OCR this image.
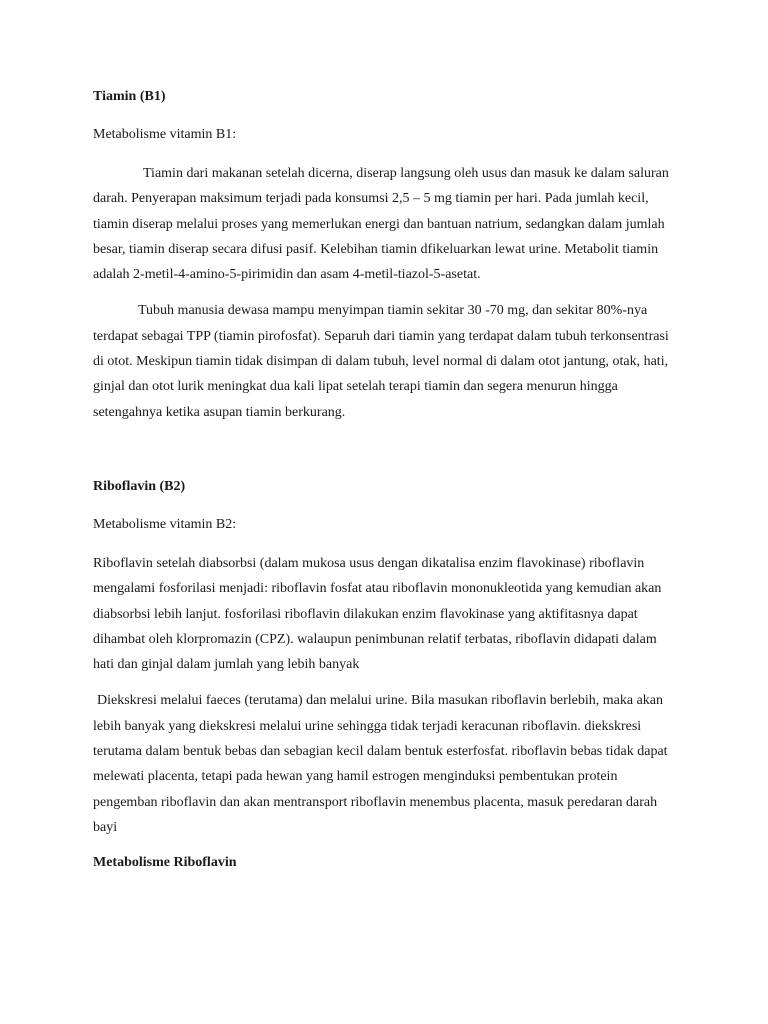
Tiamin (B1)

Metabolisme vitamin B1:

Tiamin dari makanan setelah dicerna, diserap langsung oleh usus dan masuk ke dalam saluran darah. Penyerapan maksimum terjadi pada konsumsi 2,5 – 5 mg tiamin per hari. Pada jumlah kecil, tiamin diserap melalui proses yang memerlukan energi dan bantuan natrium, sedangkan dalam jumlah besar, tiamin diserap secara difusi pasif. Kelebihan tiamin dfikeluarkan lewat urine. Metabolit tiamin adalah 2-metil-4-amino-5-pirimidin dan asam 4-metil-tiazol-5-asetat.

Tubuh manusia dewasa mampu menyimpan tiamin sekitar 30 -70 mg, dan sekitar 80%-nya terdapat sebagai TPP (tiamin pirofosfat). Separuh dari tiamin yang terdapat dalam tubuh terkonsentrasi di otot. Meskipun tiamin tidak disimpan di dalam tubuh, level normal di dalam otot jantung, otak, hati, ginjal dan otot lurik meningkat dua kali lipat setelah terapi tiamin dan segera menurun hingga setengahnya ketika asupan tiamin berkurang.

Riboflavin (B2)

Metabolisme vitamin B2:

Riboflavin setelah diabsorbsi (dalam mukosa usus dengan dikatalisa enzim flavokinase) riboflavin mengalami fosforilasi menjadi: riboflavin fosfat atau riboflavin mononukleotida yang kemudian akan diabsorbsi lebih lanjut. fosforilasi riboflavin dilakukan enzim flavokinase yang aktifitasnya dapat dihambat oleh klorpromazin (CPZ). walaupun penimbunan relatif terbatas, riboflavin didapati dalam hati dan ginjal dalam jumlah yang lebih banyak

Diekskresi melalui faeces (terutama) dan melalui urine. Bila masukan riboflavin berlebih, maka akan lebih banyak yang diekskresi melalui urine sehingga tidak terjadi keracunan riboflavin. diekskresi terutama dalam bentuk bebas dan sebagian kecil dalam bentuk esterfosfat. riboflavin bebas tidak dapat melewati placenta, tetapi pada hewan yang hamil estrogen menginduksi pembentukan protein pengemban riboflavin dan akan mentransport riboflavin menembus placenta, masuk peredaran darah bayi

Metabolisme Riboflavin
